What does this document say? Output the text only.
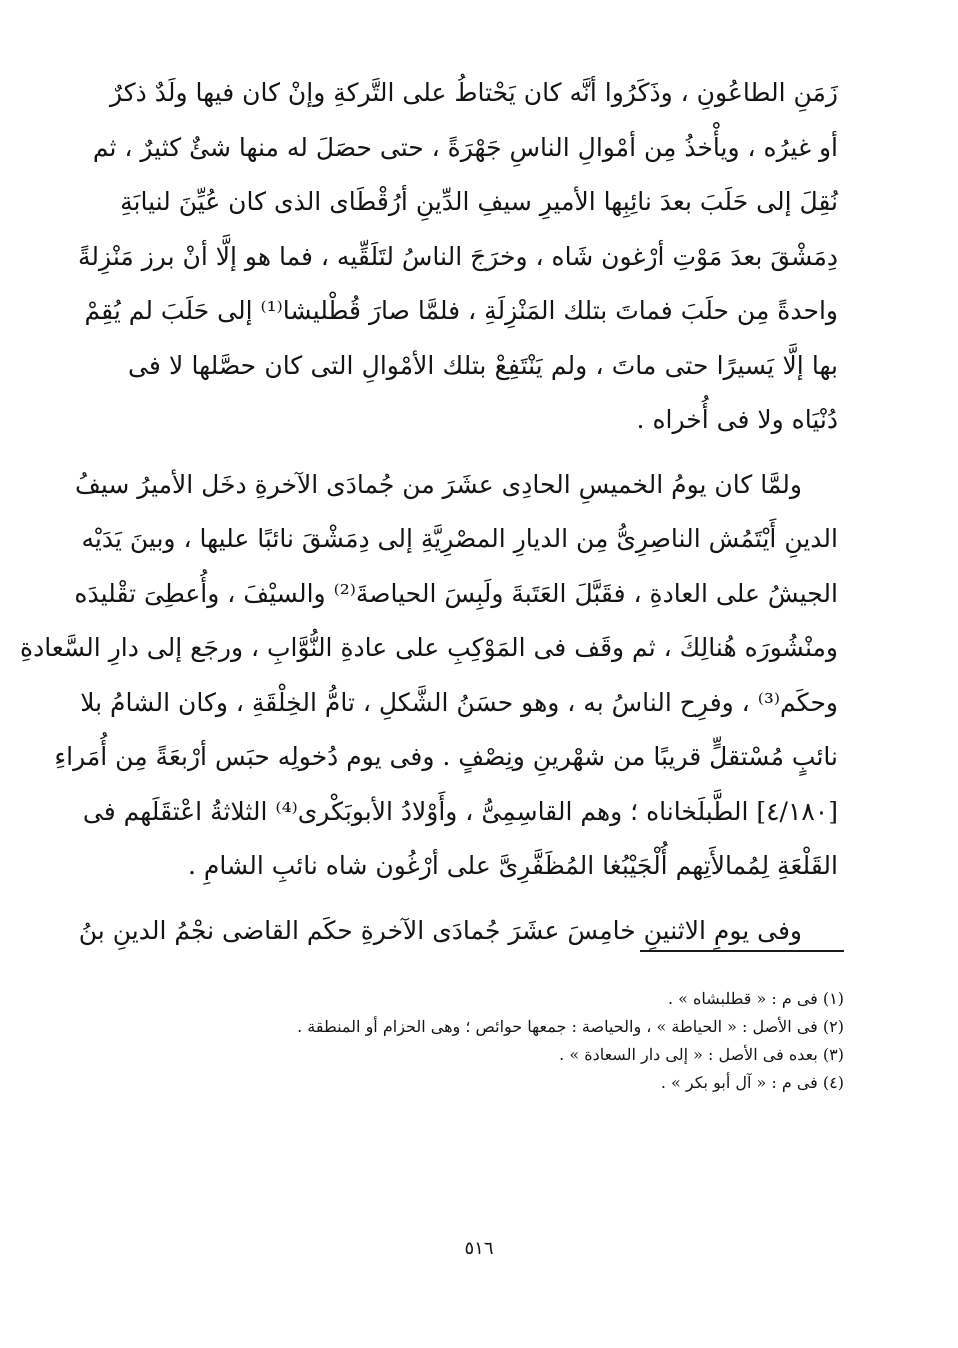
زَمَنِ الطاعُونِ ، وذَكَرُوا أنَّه كان يَحْتاطُ على التَّركةِ وإنْ كان فيها ولَدٌ ذكرٌ
أو غيرُه ، ويأْخذُ مِن أمْوالِ الناسِ جَهْرَةً ، حتى حصَلَ له منها شئٌ كثيرٌ ، ثم
نُقِلَ إلى حَلَبَ بعدَ نائِبِها الأميرِ سيفِ الدِّينِ أرُقْطَاى الذى كان عُيِّنَ لنيابَةِ
دِمَشْقَ بعدَ مَوْتِ أرْغون شَاه ، وخرَجَ الناسُ لتَلَقِّيه ، فما هو إلَّا أنْ برز مَنْزِلةً
واحدةً مِن حلَبَ فماتَ بتلك المَنْزِلَةِ ، فلمَّا صارَ قُطْليشا⁽¹⁾ إلى حَلَبَ لم يُقِمْ
بها إلَّا يَسيرًا حتى ماتَ ، ولم يَنْتَفِعْ بتلك الأمْوالِ التى كان حصَّلها لا فى
دُنْيَاه ولا فى أُخراه .
ولمَّا كان يومُ الخميسِ الحادِى عشَرَ من جُمادَى الآخرةِ دخَل الأميرُ سيفُ
الدينِ أَيْتَمُش الناصِرِىُّ مِن الديارِ المصْرِيَّةِ إلى دِمَشْقَ نائبًا عليها ، وبينَ يَدَيْه
الجيشُ على العادةِ ، فقَبَّلَ العَتَبةَ ولَبِسَ الحياصةَ⁽²⁾ والسيْفَ ، وأُعطِىَ تقْليدَه
ومنْشُورَه هُنالِكَ ، ثم وقَف فى المَوْكِبِ على عادةِ النُّوَّابِ ، ورجَع إلى دارِ السَّعادةِ
وحكَم⁽³⁾ ، وفرِح الناسُ به ، وهو حسَنُ الشَّكلِ ، تامُّ الخِلْقَةِ ، وكان الشامُ بلا
نائبٍ مُسْتقلٍّ قريبًا من شهْرينِ ونِصْفٍ . وفى يوم دُخولِه حبَس أرْبعَةً مِن أُمَراءِ
[٤/١٨٠] الطَّبلَخاناه ؛ وهم القاسِمِىُّ ، وأَوْلادُ الأبوبَكْرى⁽⁴⁾ الثلاثةُ اعْتقَلَهم فى
القَلْعَةِ لِمُمالأَتِهم أُلْجَيْبُغا المُظَفَّرِىَّ على أرْغُون شاه نائبِ الشامِ .
وفى يومِ الاثنينِ خامِسَ عشَرَ جُمادَى الآخرةِ حكَم القاضى نجْمُ الدينِ بنُ
(١) فى م : « قطلبشاه » .
(٢) فى الأصل : « الحياطة » ، والحياصة : جمعها حوائص ؛ وهى الحزام أو المنطقة .
(٣) بعده فى الأصل : « إلى دار السعادة » .
(٤) فى م : « آل أبو بكر » .
٥١٦
